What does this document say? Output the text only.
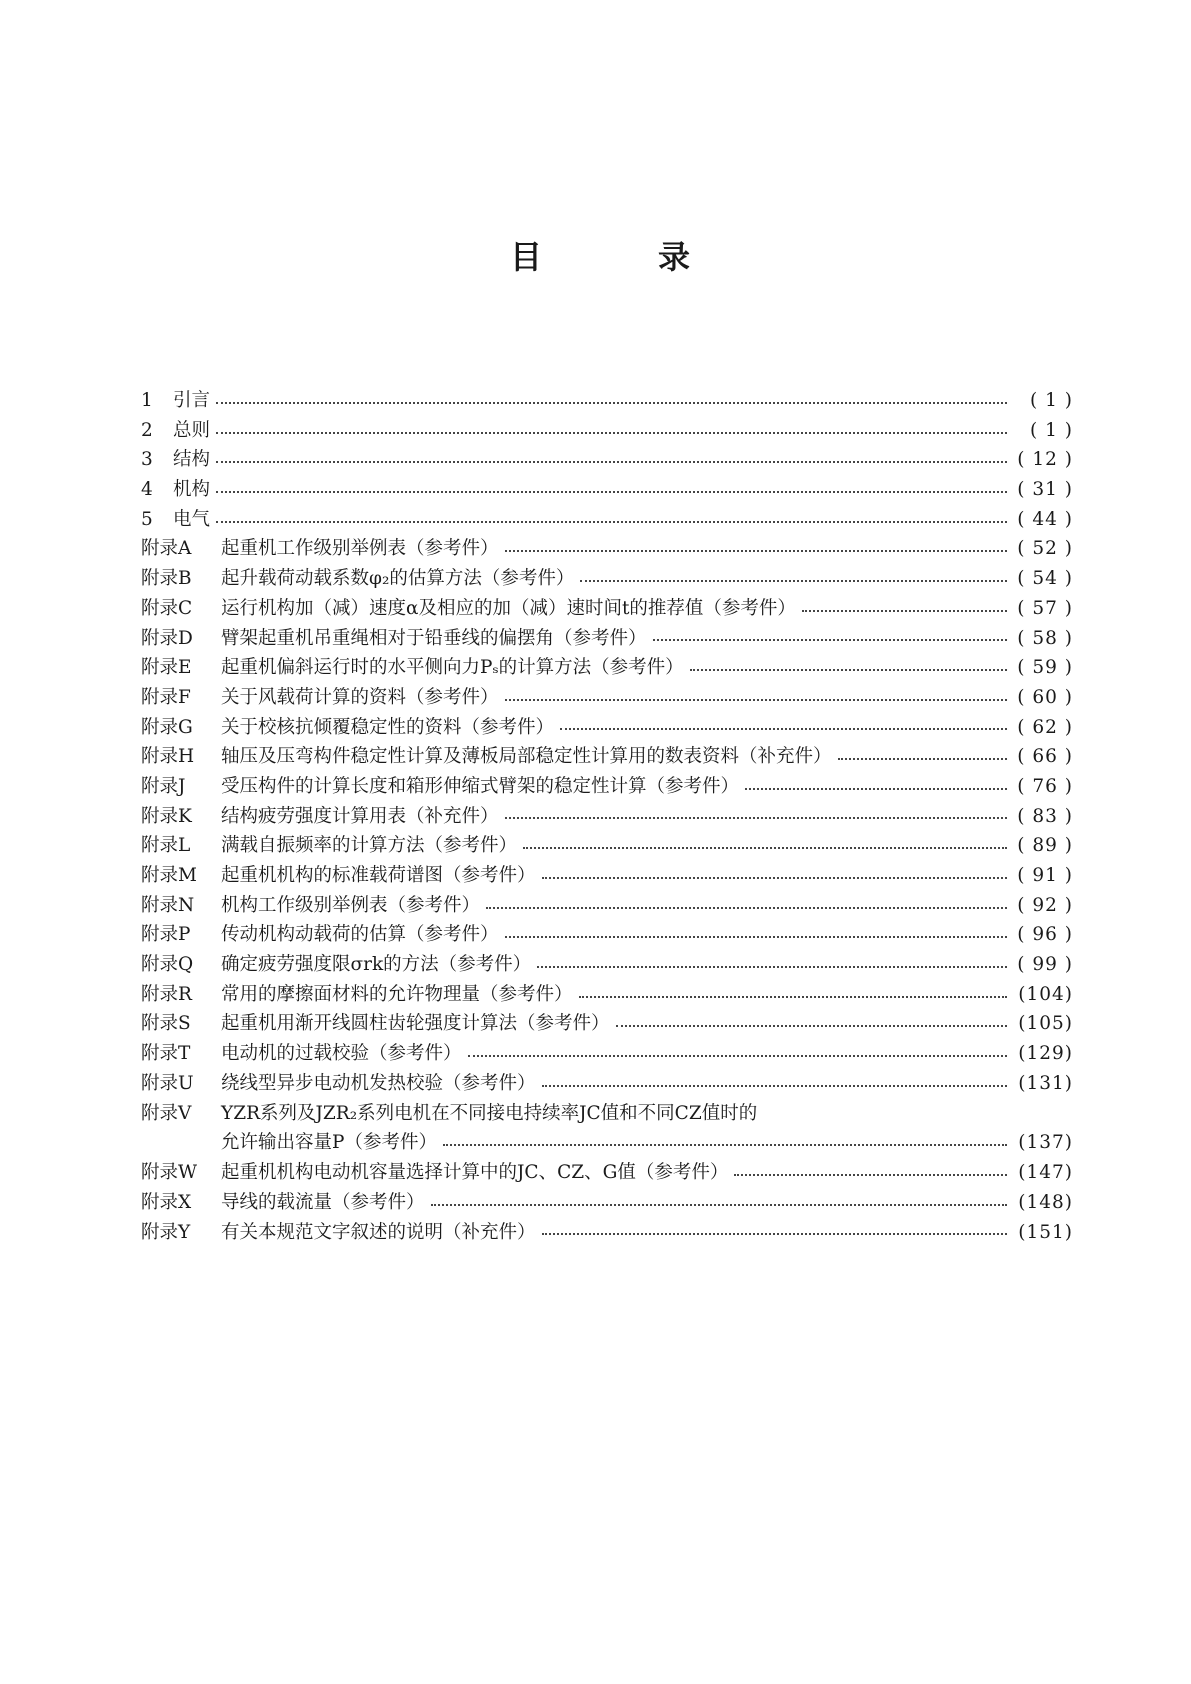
目	录
1	引言	( 1 )
2	总则	( 1 )
3	结构	( 12 )
4	机构	( 31 )
5	电气	( 44 )
附录A	起重机工作级别举例表（参考件）	( 52 )
附录B	起升载荷动载系数φ₂的估算方法（参考件）	( 54 )
附录C	运行机构加（减）速度α及相应的加（减）速时间t的推荐值（参考件）	( 57 )
附录D	臂架起重机吊重绳相对于铅垂线的偏摆角（参考件）	( 58 )
附录E	起重机偏斜运行时的水平侧向力Pₛ的计算方法（参考件）	( 59 )
附录F	关于风载荷计算的资料（参考件）	( 60 )
附录G	关于校核抗倾覆稳定性的资料（参考件）	( 62 )
附录H	轴压及压弯构件稳定性计算及薄板局部稳定性计算用的数表资料（补充件）	( 66 )
附录J	受压构件的计算长度和箱形伸缩式臂架的稳定性计算（参考件）	( 76 )
附录K	结构疲劳强度计算用表（补充件）	( 83 )
附录L	满载自振频率的计算方法（参考件）	( 89 )
附录M	起重机机构的标准载荷谱图（参考件）	( 91 )
附录N	机构工作级别举例表（参考件）	( 92 )
附录P	传动机构动载荷的估算（参考件）	( 96 )
附录Q	确定疲劳强度限σrk的方法（参考件）	( 99 )
附录R	常用的摩擦面材料的允许物理量（参考件）	(104)
附录S	起重机用渐开线圆柱齿轮强度计算法（参考件）	(105)
附录T	电动机的过载校验（参考件）	(129)
附录U	绕线型异步电动机发热校验（参考件）	(131)
附录V	YZR系列及JZR₂系列电机在不同接电持续率JC值和不同CZ值时的
允许输出容量P（参考件）	(137)
附录W	起重机机构电动机容量选择计算中的JC、CZ、G值（参考件）	(147)
附录X	导线的载流量（参考件）	(148)
附录Y	有关本规范文字叙述的说明（补充件）	(151)
